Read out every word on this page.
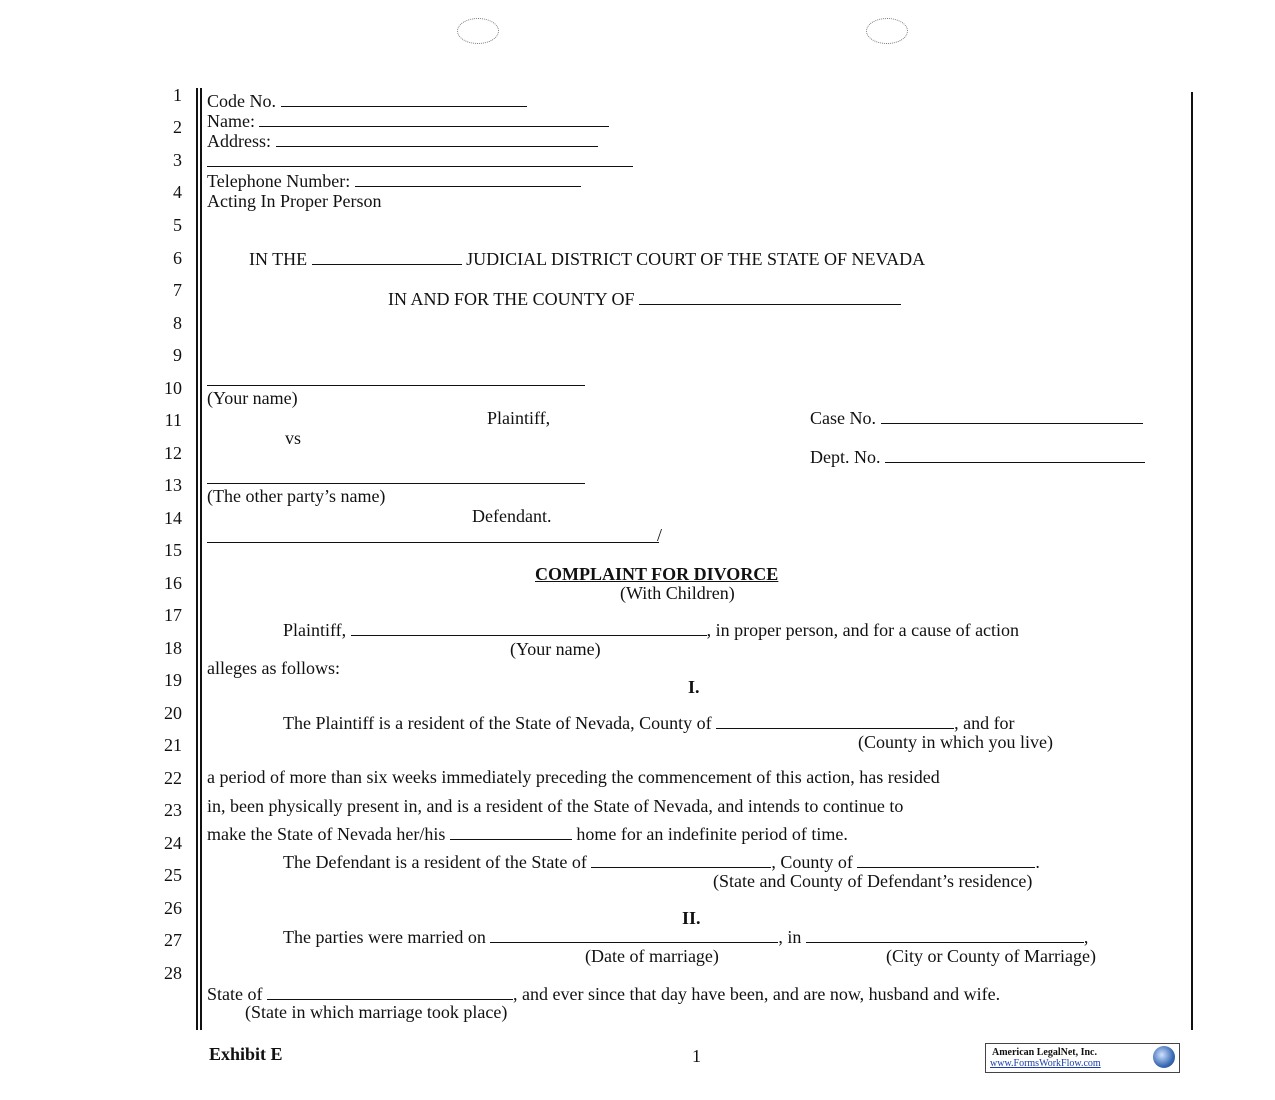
1
2
3
4
5
6
7
8
9
10
11
12
13
14
15
16
17
18
19
20
21
22
23
24
25
26
27
28
Code No.
Name:
Address:
Telephone Number:
Acting In Proper Person
IN THE	JUDICIAL DISTRICT COURT OF THE STATE OF NEVADA
IN AND FOR THE COUNTY OF
(Your name)
Plaintiff,
vs
(The other party’s name)
Defendant.
/
Case No.
Dept. No.
COMPLAINT FOR DIVORCE
(With Children)
Plaintiff,	, in proper person, and for a cause of action
(Your name)
alleges as follows:
I.
The Plaintiff is a resident of the State of Nevada, County of	, and for
(County in which you live)
a period of more than six weeks immediately preceding the commencement of this action, has resided
in, been physically present in, and is a resident of the State of Nevada, and intends to continue to
make the State of Nevada her/his	home for an indefinite period of time.
The Defendant is a resident of the State of	, County of	.
(State and County of Defendant’s residence)
II.
The parties were married on	, in	,
(Date of marriage)	(City or County of Marriage)
State of	, and ever since that day have been, and are now, husband and wife.
(State in which marriage took place)
Exhibit E	1	American LegalNet, Inc.
www.FormsWorkFlow.com
